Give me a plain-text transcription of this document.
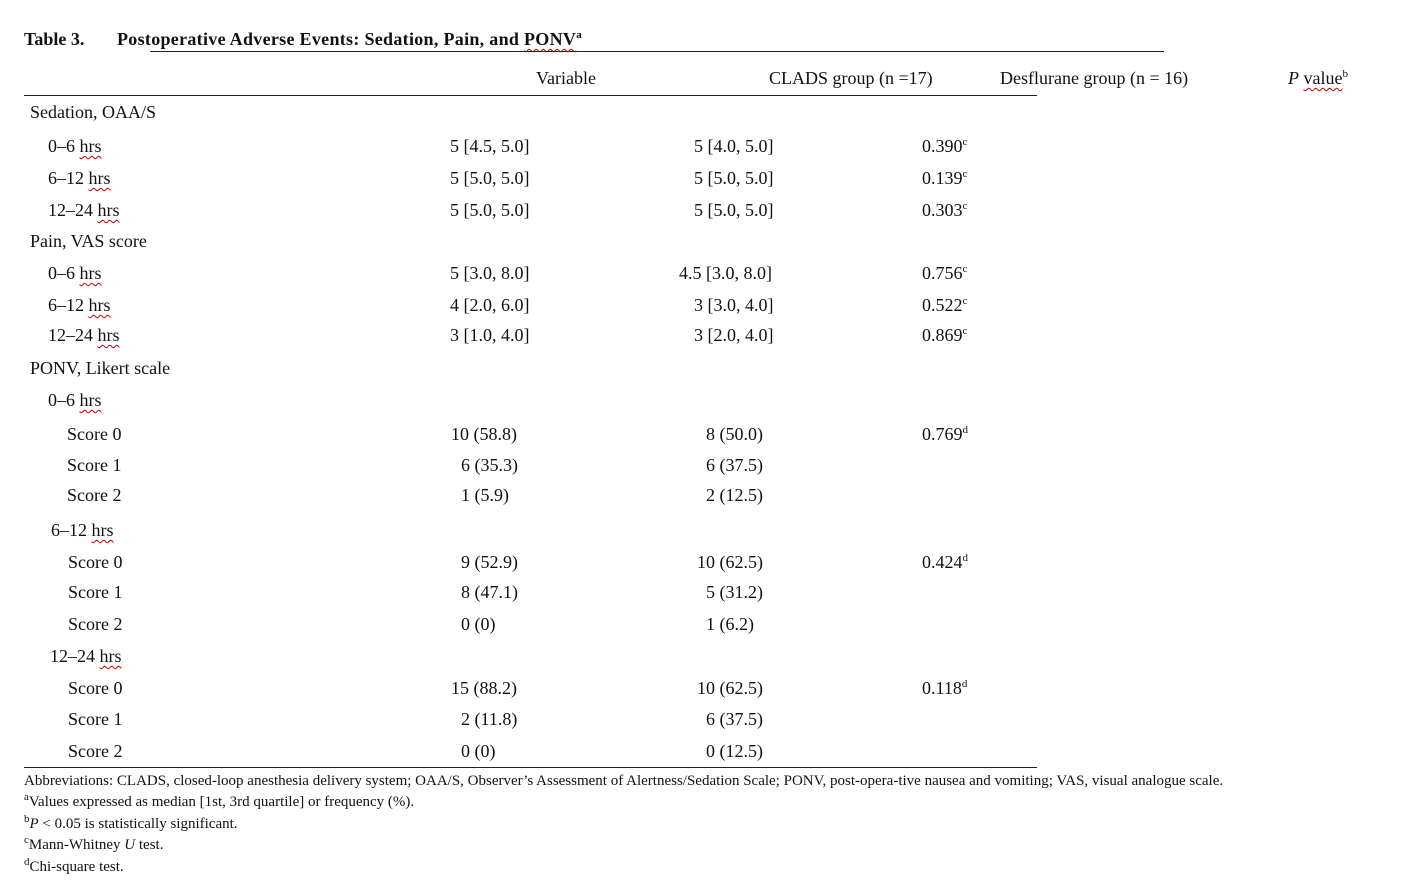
Table 3. Postoperative Adverse Events: Sedation, Pain, and PONV$^a$
Variable	CLADS group (n =17)	Desflurane group (n = 16)	P value$^b$
Sedation, OAA/S
0–6 hrs	5 [4.5, 5.0]	5 [4.0, 5.0]	0.390$^c$
6–12 hrs	5 [5.0, 5.0]	5 [5.0, 5.0]	0.139$^c$
12–24 hrs	5 [5.0, 5.0]	5 [5.0, 5.0]	0.303$^c$
Pain, VAS score
0–6 hrs	5 [3.0, 8.0]	4.5 [3.0, 8.0]	0.756$^c$
6–12 hrs	4 [2.0, 6.0]	3 [3.0, 4.0]	0.522$^c$
12–24 hrs	3 [1.0, 4.0]	3 [2.0, 4.0]	0.869$^c$
PONV, Likert scale
0–6 hrs
Score 0	10 (58.8)	8 (50.0)	0.769$^d$
Score 1	6 (35.3)	6 (37.5)
Score 2	1 (5.9)	2 (12.5)
6–12 hrs
Score 0	9 (52.9)	10 (62.5)	0.424$^d$
Score 1	8 (47.1)	5 (31.2)
Score 2	0 (0)	1 (6.2)
12–24 hrs
Score 0	15 (88.2)	10 (62.5)	0.118$^d$
Score 1	2 (11.8)	6 (37.5)
Score 2	0 (0)	0 (12.5)
Abbreviations: CLADS, closed-loop anesthesia delivery system; OAA/S, Observer’s Assessment of Alertness/Sedation Scale; PONV, post-opera-tive nausea and vomiting; VAS, visual analogue scale.
$^a$Values expressed as median [1st, 3rd quartile] or frequency (%).
$^b$P < 0.05 is statistically significant.
$^c$Mann-Whitney U test.
$^d$Chi-square test.
